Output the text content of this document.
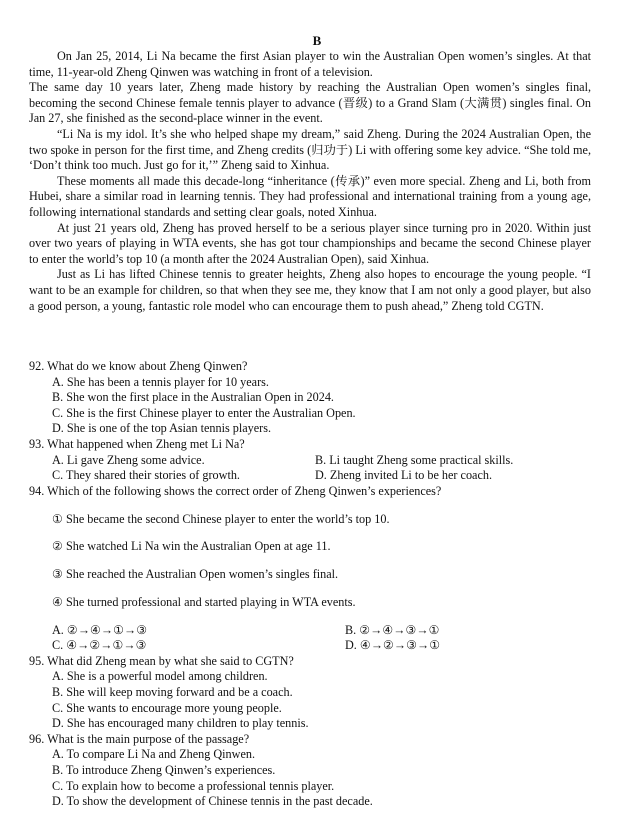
B

On Jan 25, 2014, Li Na became the first Asian player to win the Australian Open women’s singles. At that time, 11-year-old Zheng Qinwen was watching in front of a television.

The same day 10 years later, Zheng made history by reaching the Australian Open women’s singles final, becoming the second Chinese female tennis player to advance (晋级) to a Grand Slam (大满贯) singles final. On Jan 27, she finished as the second-place winner in the event.

“Li Na is my idol. It’s she who helped shape my dream,” said Zheng. During the 2024 Australian Open, the two spoke in person for the first time, and Zheng credits (归功于) Li with offering some key advice. “She told me, ‘Don’t think too much. Just go for it,’” Zheng said to Xinhua.

These moments all made this decade-long “inheritance (传承)” even more special. Zheng and Li, both from Hubei, share a similar road in learning tennis. They had professional and international training from a young age, following international standards and setting clear goals, noted Xinhua.

At just 21 years old, Zheng has proved herself to be a serious player since turning pro in 2020. Within just over two years of playing in WTA events, she has got tour championships and became the second Chinese player to enter the world’s top 10 (a month after the 2024 Australian Open), said Xinhua.

Just as Li has lifted Chinese tennis to greater heights, Zheng also hopes to encourage the young people. “I want to be an example for children, so that when they see me, they know that I am not only a good player, but also a good person, a young, fantastic role model who can encourage them to push ahead,” Zheng told CGTN.

92. What do we know about Zheng Qinwen?

A. She has been a tennis player for 10 years.

B. She won the first place in the Australian Open in 2024.

C. She is the first Chinese player to enter the Australian Open.

D. She is one of the top Asian tennis players.

93. What happened when Zheng met Li Na?

A. Li gave Zheng some advice.	B. Li taught Zheng some practical skills.
C. They shared their stories of growth.	D. Zheng invited Li to be her coach.

94. Which of the following shows the correct order of Zheng Qinwen’s experiences?

① She became the second Chinese player to enter the world’s top 10.

② She watched Li Na win the Australian Open at age 11.

③ She reached the Australian Open women’s singles final.

④ She turned professional and started playing in WTA events.

A. ②→④→①→③	B. ②→④→③→①
C. ④→②→①→③	D. ④→②→③→①

95. What did Zheng mean by what she said to CGTN?

A. She is a powerful model among children.

B. She will keep moving forward and be a coach.

C. She wants to encourage more young people.

D. She has encouraged many children to play tennis.

96. What is the main purpose of the passage?

A. To compare Li Na and Zheng Qinwen.

B. To introduce Zheng Qinwen’s experiences.

C. To explain how to become a professional tennis player.

D. To show the development of Chinese tennis in the past decade.
